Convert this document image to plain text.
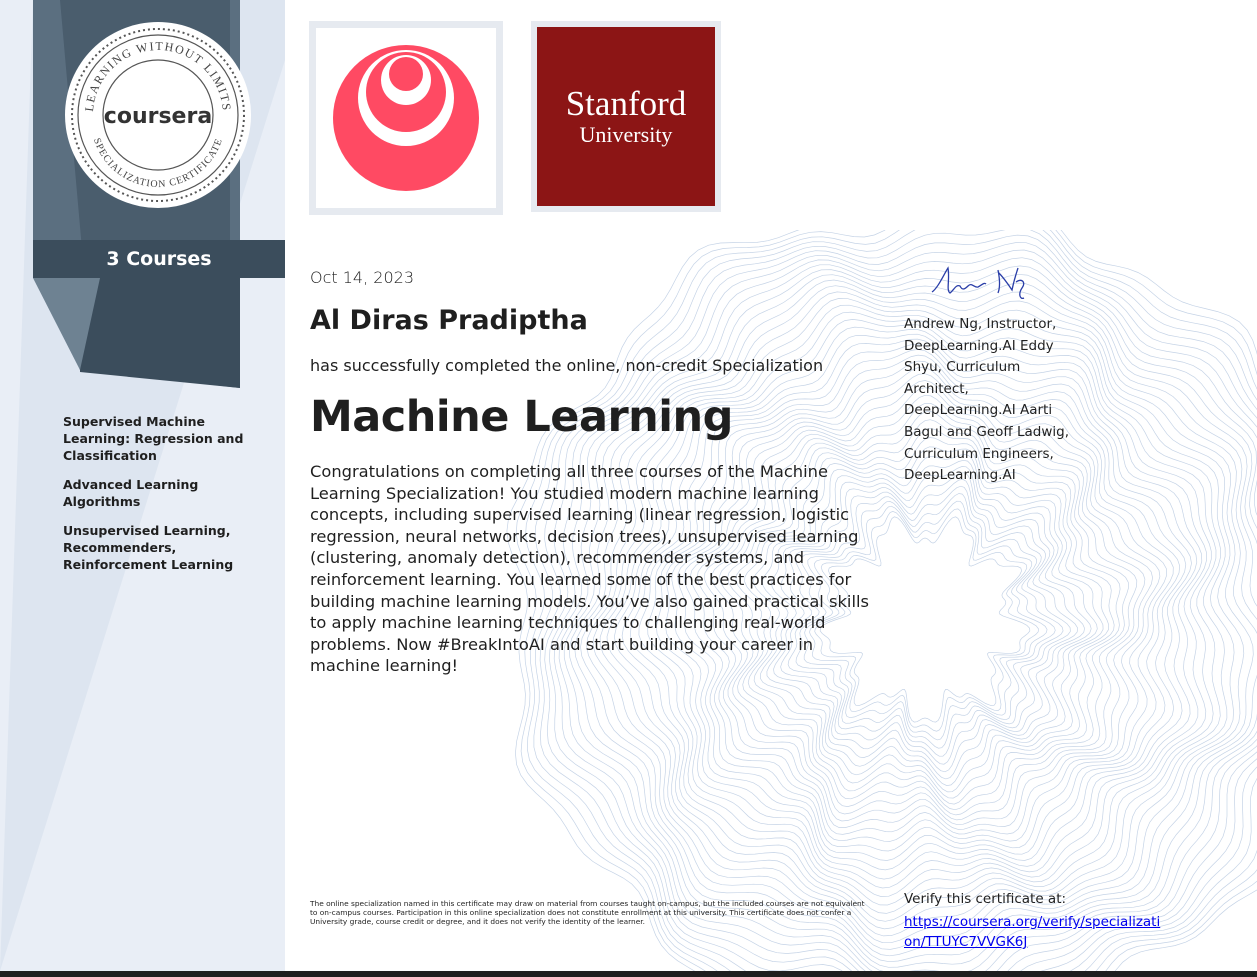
LEARNING WITHOUT LIMITS
SPECIALIZATION CERTIFICATE
coursera
3 Courses
Supervised Machine Learning: Regression and Classification
Advanced Learning Algorithms
Unsupervised Learning, Recommenders, Reinforcement Learning
Stanford
University
Oct 14, 2023
Al Diras Pradiptha
has successfully completed the online, non-credit Specialization
Machine Learning
Congratulations on completing all three courses of the Machine Learning Specialization! You studied modern machine learning concepts, including supervised learning (linear regression, logistic regression, neural networks, decision trees), unsupervised learning (clustering, anomaly detection), recommender systems, and reinforcement learning. You learned some of the best practices for building machine learning models. You’ve also gained practical skills to apply machine learning techniques to challenging real-world problems. Now #BreakIntoAI and start building your career in machine learning!
The online specialization named in this certificate may draw on material from courses taught on-campus, but the included courses are not equivalent to on-campus courses. Participation in this online specialization does not constitute enrollment at this university. This certificate does not confer a University grade, course credit or degree, and it does not verify the identity of the learner.
Andrew Ng, Instructor, DeepLearning.AI Eddy Shyu, Curriculum Architect, DeepLearning.AI Aarti Bagul and Geoff Ladwig, Curriculum Engineers, DeepLearning.AI
Verify this certificate at:
https://coursera.org/verify/specialization/TTUYC7VVGK6J
